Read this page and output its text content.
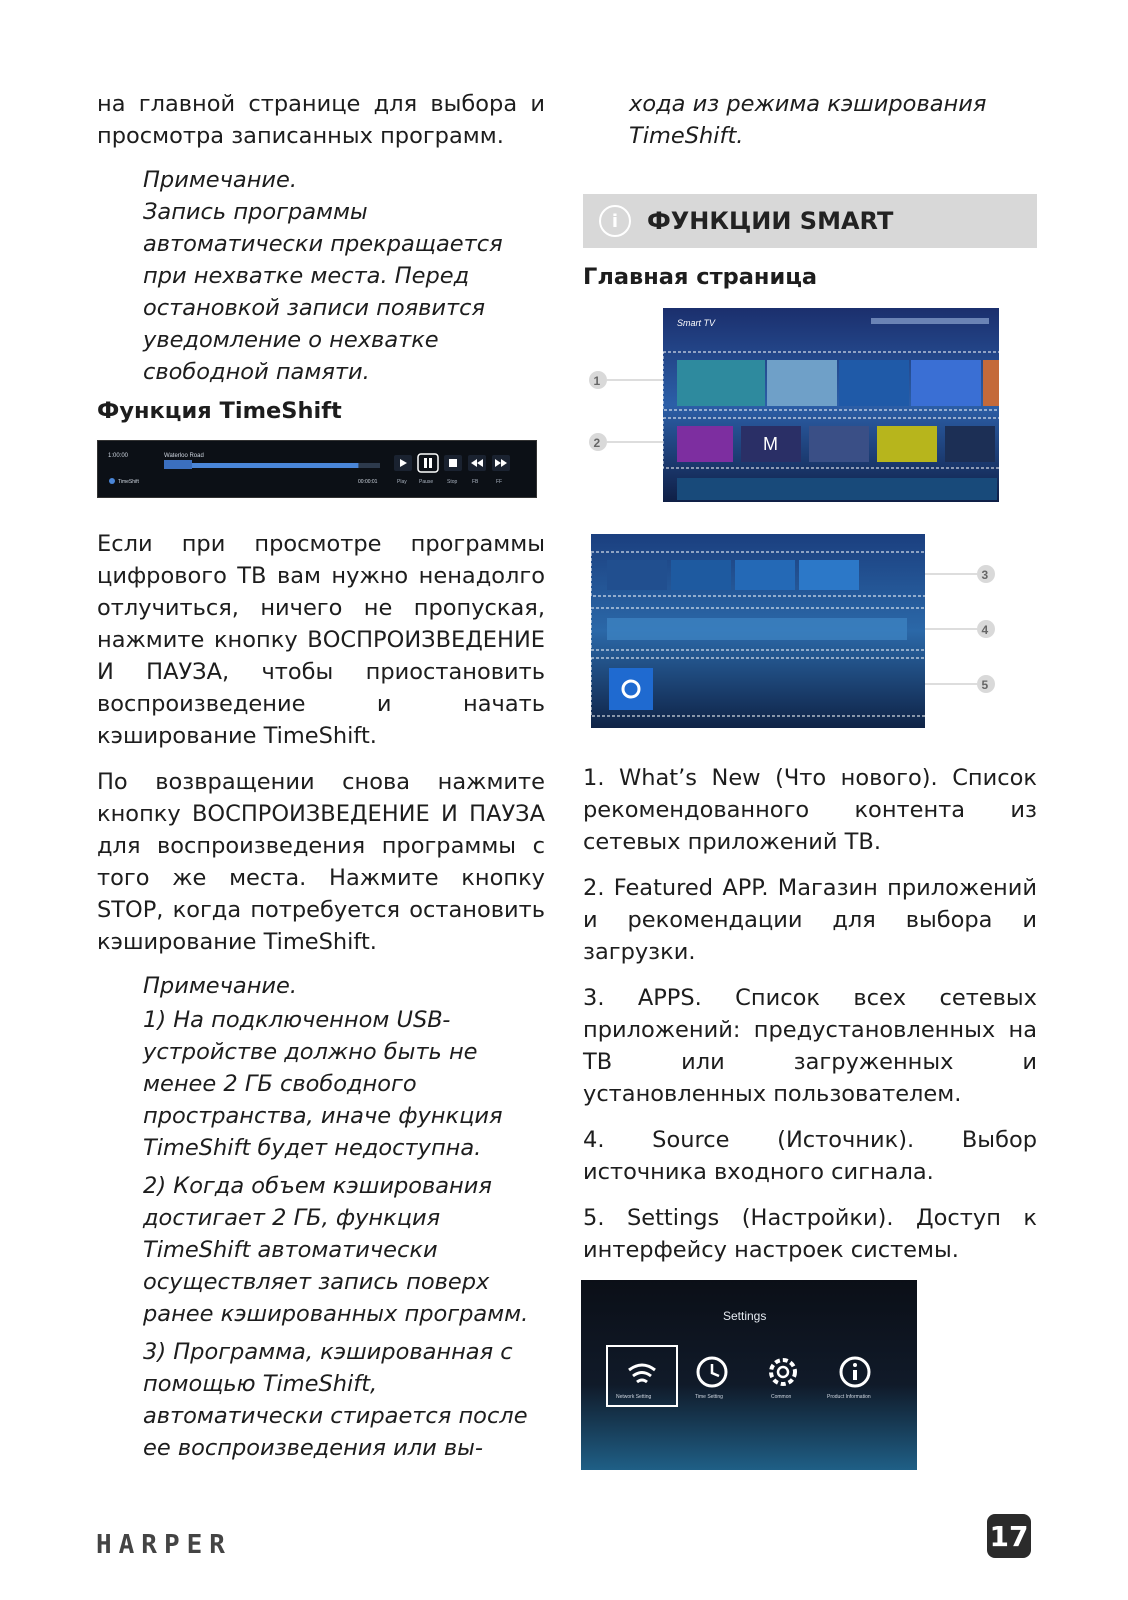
на главной странице для выбора и просмотра записанных программ.

Примечание.

Запись программы автоматически прекращается при нехватке места. Перед остановкой записи появится уведомление о нехватке свободной памяти.

Функция TimeShift
1:00:00	Waterloo Road
TimeShift	00:00:01	Play Pause	Stop	FB	FF

Если при просмотре программы цифрового ТВ вам нужно ненадолго отлучиться, ничего не пропуская, нажмите кнопку ВОСПРОИЗВЕДЕНИЕ И ПАУЗА, чтобы приостановить воспроизведение и начать кэширование TimeShift.

По возвращении снова нажмите кнопку ВОСПРОИЗВЕДЕНИЕ И ПАУЗА для воспроизведения программы с того же места. Нажмите кнопку STOP, когда потребуется остановить кэширование TimeShift.

Примечание.

1) На подключенном USB-устройстве должно быть не менее 2 ГБ свободного пространства, иначе функция TimeShift будет недоступна.

2) Когда объем кэширования достигает 2 ГБ, функция TimeShift автоматически осуществляет запись поверх ранее кэшированных программ.

3) Программа, кэшированная с помощью TimeShift, автоматически стирается после ее воспроизведения или вы-

хода из режима кэширования TimeShift.
i	ФУНКЦИИ SMART
Главная страница
Smart TV
M
1
2
3
4
5

1. What’s New (Что нового). Список рекомендованного контента из сетевых приложений ТВ.

2. Featured APP. Магазин приложений и рекомендации для выбора и загрузки.

3. APPS. Список всех сетевых приложений: предустановленных на ТВ или загруженных и установленных пользователем.

4. Source (Источник). Выбор источника входного сигнала.

5. Settings (Настройки). Доступ к интерфейсу настроек системы.

Settings
Network Setting	Time Setting	Common	Product Information
HARPER	17
